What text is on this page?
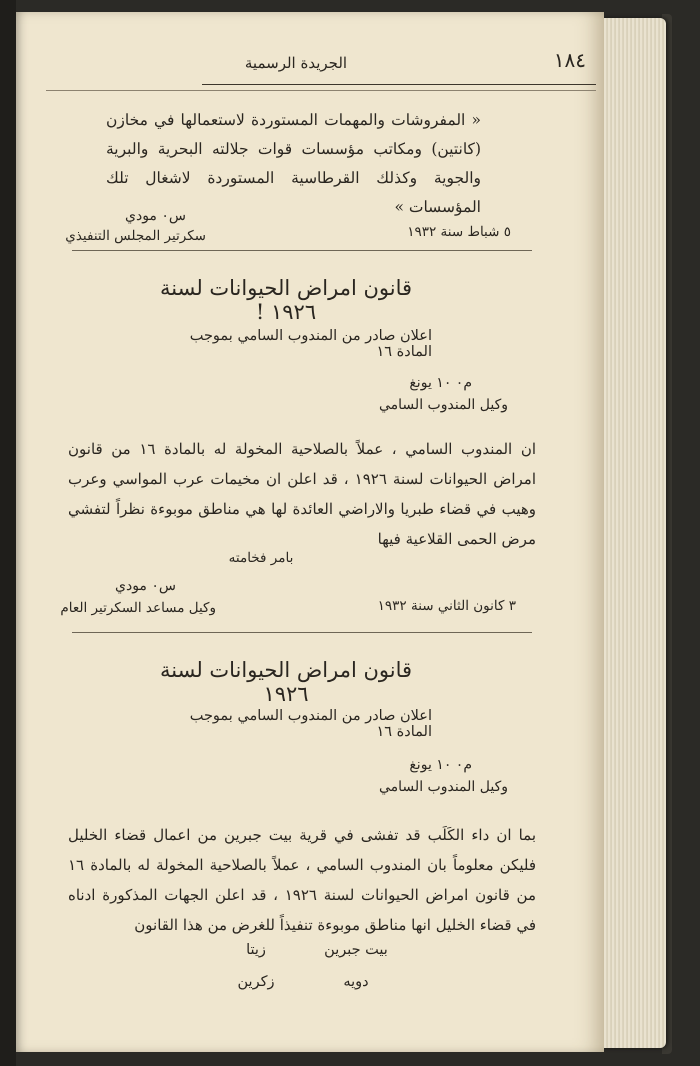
١٨٤
الجريدة الرسمية
« المفروشات والمهمات المستوردة لاستعمالها في مخازن (كانتين) ومكاتب مؤسسات قوات جلالته البحرية والبرية والجوية وكذلك القرطاسية المستوردة لاشغال تلك المؤسسات »
س٠ مودي
سكرتير المجلس التنفيذي	٥ شباط سنة ١٩٣٢
قانون امراض الحيوانات لسنة ١٩٢٦ !
اعلان صادر من المندوب السامي بموجب المادة ١٦
م٠ ١٠ يونغ
وكيل المندوب السامي
ان المندوب السامي ، عملاً بالصلاحية المخولة له بالمادة ١٦ من قانون امراض الحيوانات لسنة ١٩٢٦ ، قد اعلن ان مخيمات عرب المواسي وعرب وهيب في قضاء طبريا والاراضي العائدة لها هي مناطق موبوءة نظراً لتفشي مرض الحمى القلاعية فيها
بامر فخامته
س٠ مودي
وكيل مساعد السكرتير العام	٣ كانون الثاني سنة ١٩٣٢
قانون امراض الحيوانات لسنة ١٩٢٦
اعلان صادر من المندوب السامي بموجب المادة ١٦
م٠ ١٠ يونغ
وكيل المندوب السامي
بما ان داء الكَلَب قد تفشى في قرية بيت جبرين من اعمال قضاء الخليل فليكن معلوماً بان المندوب السامي ، عملاً بالصلاحية المخولة له بالمادة ١٦ من قانون امراض الحيوانات لسنة ١٩٢٦ ، قد اعلن الجهات المذكورة ادناه في قضاء الخليل انها مناطق موبوءة تنفيذاً للغرض من هذا القانون
بيت جبرين
زيتا
دويه
زكرين
